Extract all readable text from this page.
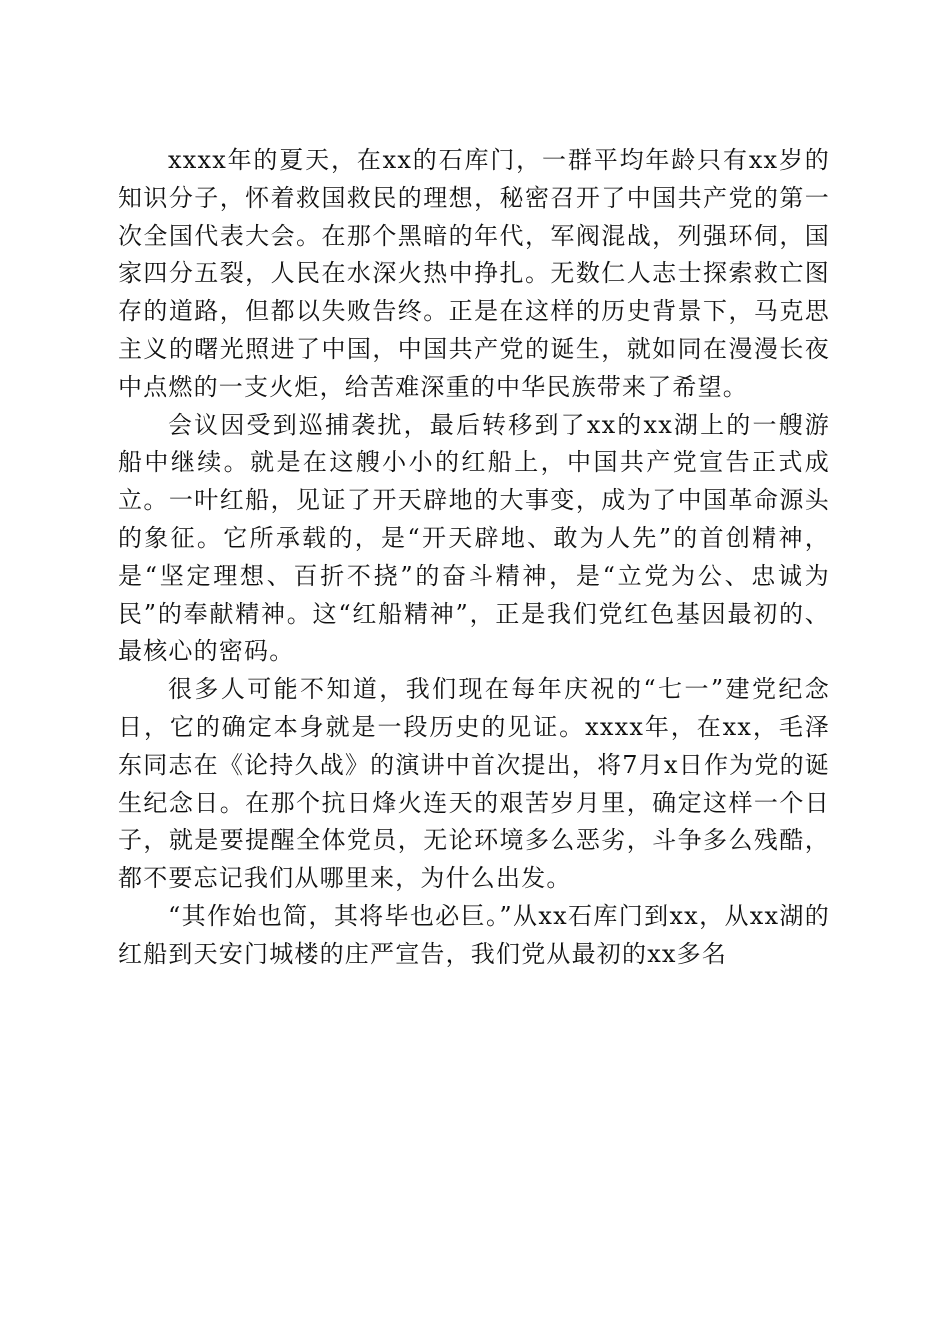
xxxx年的夏天，在xx的石库门，一群平均年龄只有xx岁的知识分子，怀着救国救民的理想，秘密召开了中国共产党的第一次全国代表大会。在那个黑暗的年代，军阀混战，列强环伺，国家四分五裂，人民在水深火热中挣扎。无数仁人志士探索救亡图存的道路，但都以失败告终。正是在这样的历史背景下，马克思主义的曙光照进了中国，中国共产党的诞生，就如同在漫漫长夜中点燃的一支火炬，给苦难深重的中华民族带来了希望。

会议因受到巡捕袭扰，最后转移到了xx的xx湖上的一艘游船中继续。就是在这艘小小的红船上，中国共产党宣告正式成立。一叶红船，见证了开天辟地的大事变，成为了中国革命源头的象征。它所承载的，是“开天辟地、敢为人先”的首创精神，是“坚定理想、百折不挠”的奋斗精神，是“立党为公、忠诚为民”的奉献精神。这“红船精神”，正是我们党红色基因最初的、最核心的密码。

很多人可能不知道，我们现在每年庆祝的“七一”建党纪念日，它的确定本身就是一段历史的见证。xxxx年，在xx，毛泽东同志在《论持久战》的演讲中首次提出，将7月x日作为党的诞生纪念日。在那个抗日烽火连天的艰苦岁月里，确定这样一个日子，就是要提醒全体党员，无论环境多么恶劣，斗争多么残酷，都不要忘记我们从哪里来，为什么出发。

“其作始也简，其将毕也必巨。”从xx石库门到xx，从xx湖的红船到天安门城楼的庄严宣告，我们党从最初的xx多名
